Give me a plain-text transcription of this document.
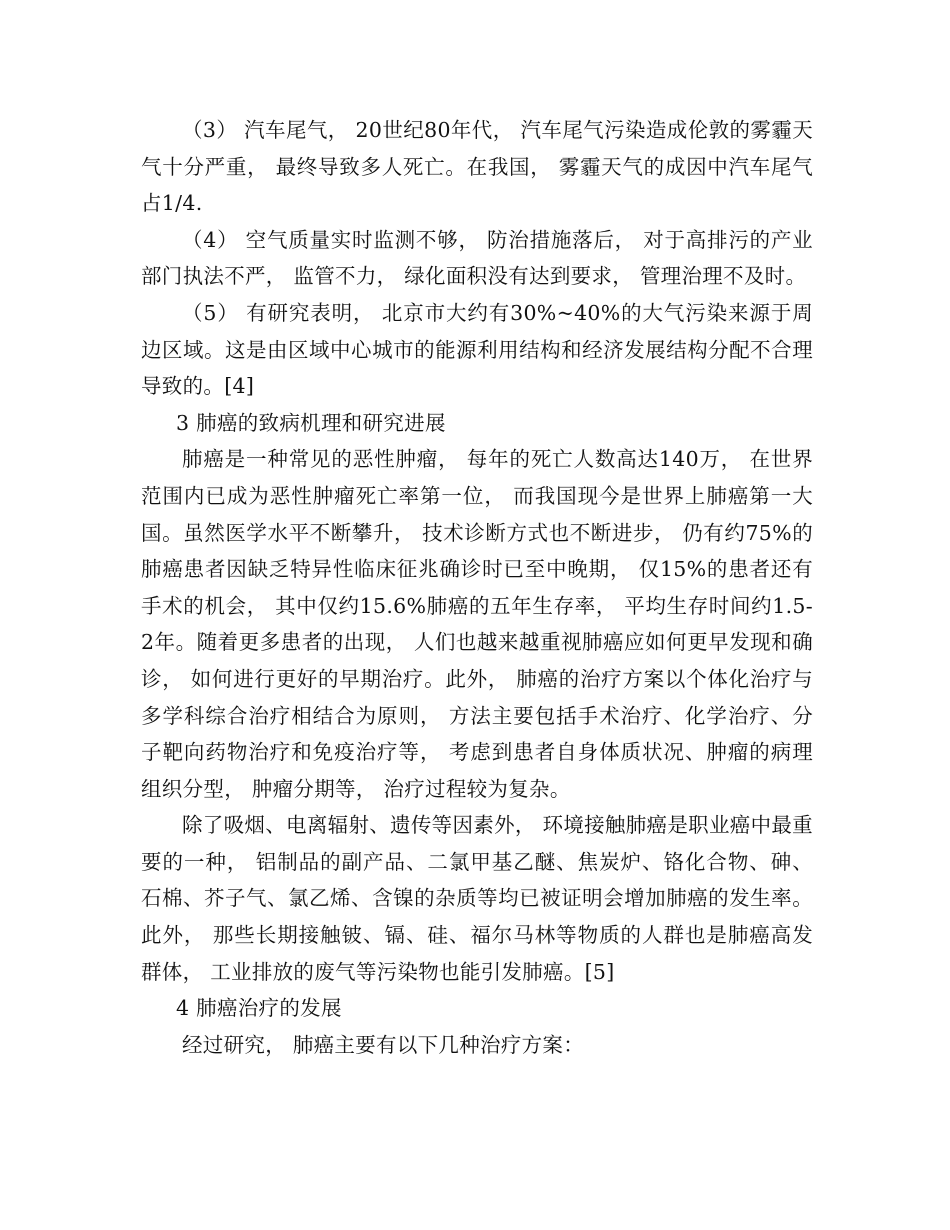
（3） 汽车尾气， 20世纪80年代， 汽车尾气污染造成伦敦的雾霾天气十分严重， 最终导致多人死亡。在我国， 雾霾天气的成因中汽车尾气占1/4.

（4） 空气质量实时监测不够， 防治措施落后， 对于高排污的产业部门执法不严， 监管不力， 绿化面积没有达到要求， 管理治理不及时。

（5） 有研究表明， 北京市大约有30%~40%的大气污染来源于周边区域。这是由区域中心城市的能源利用结构和经济发展结构分配不合理导致的。[4]

3 肺癌的致病机理和研究进展

肺癌是一种常见的恶性肿瘤， 每年的死亡人数高达140万， 在世界范围内已成为恶性肿瘤死亡率第一位， 而我国现今是世界上肺癌第一大国。虽然医学水平不断攀升， 技术诊断方式也不断进步， 仍有约75%的肺癌患者因缺乏特异性临床征兆确诊时已至中晚期， 仅15%的患者还有手术的机会， 其中仅约15.6%肺癌的五年生存率， 平均生存时间约1.5-2年。随着更多患者的出现， 人们也越来越重视肺癌应如何更早发现和确诊， 如何进行更好的早期治疗。此外， 肺癌的治疗方案以个体化治疗与多学科综合治疗相结合为原则， 方法主要包括手术治疗、化学治疗、分子靶向药物治疗和免疫治疗等， 考虑到患者自身体质状况、肿瘤的病理组织分型， 肿瘤分期等， 治疗过程较为复杂。

除了吸烟、电离辐射、遗传等因素外， 环境接触肺癌是职业癌中最重要的一种， 铝制品的副产品、二氯甲基乙醚、焦炭炉、铬化合物、砷、石棉、芥子气、氯乙烯、含镍的杂质等均已被证明会增加肺癌的发生率。此外， 那些长期接触铍、镉、硅、福尔马林等物质的人群也是肺癌高发群体， 工业排放的废气等污染物也能引发肺癌。[5]

4 肺癌治疗的发展

经过研究， 肺癌主要有以下几种治疗方案：
